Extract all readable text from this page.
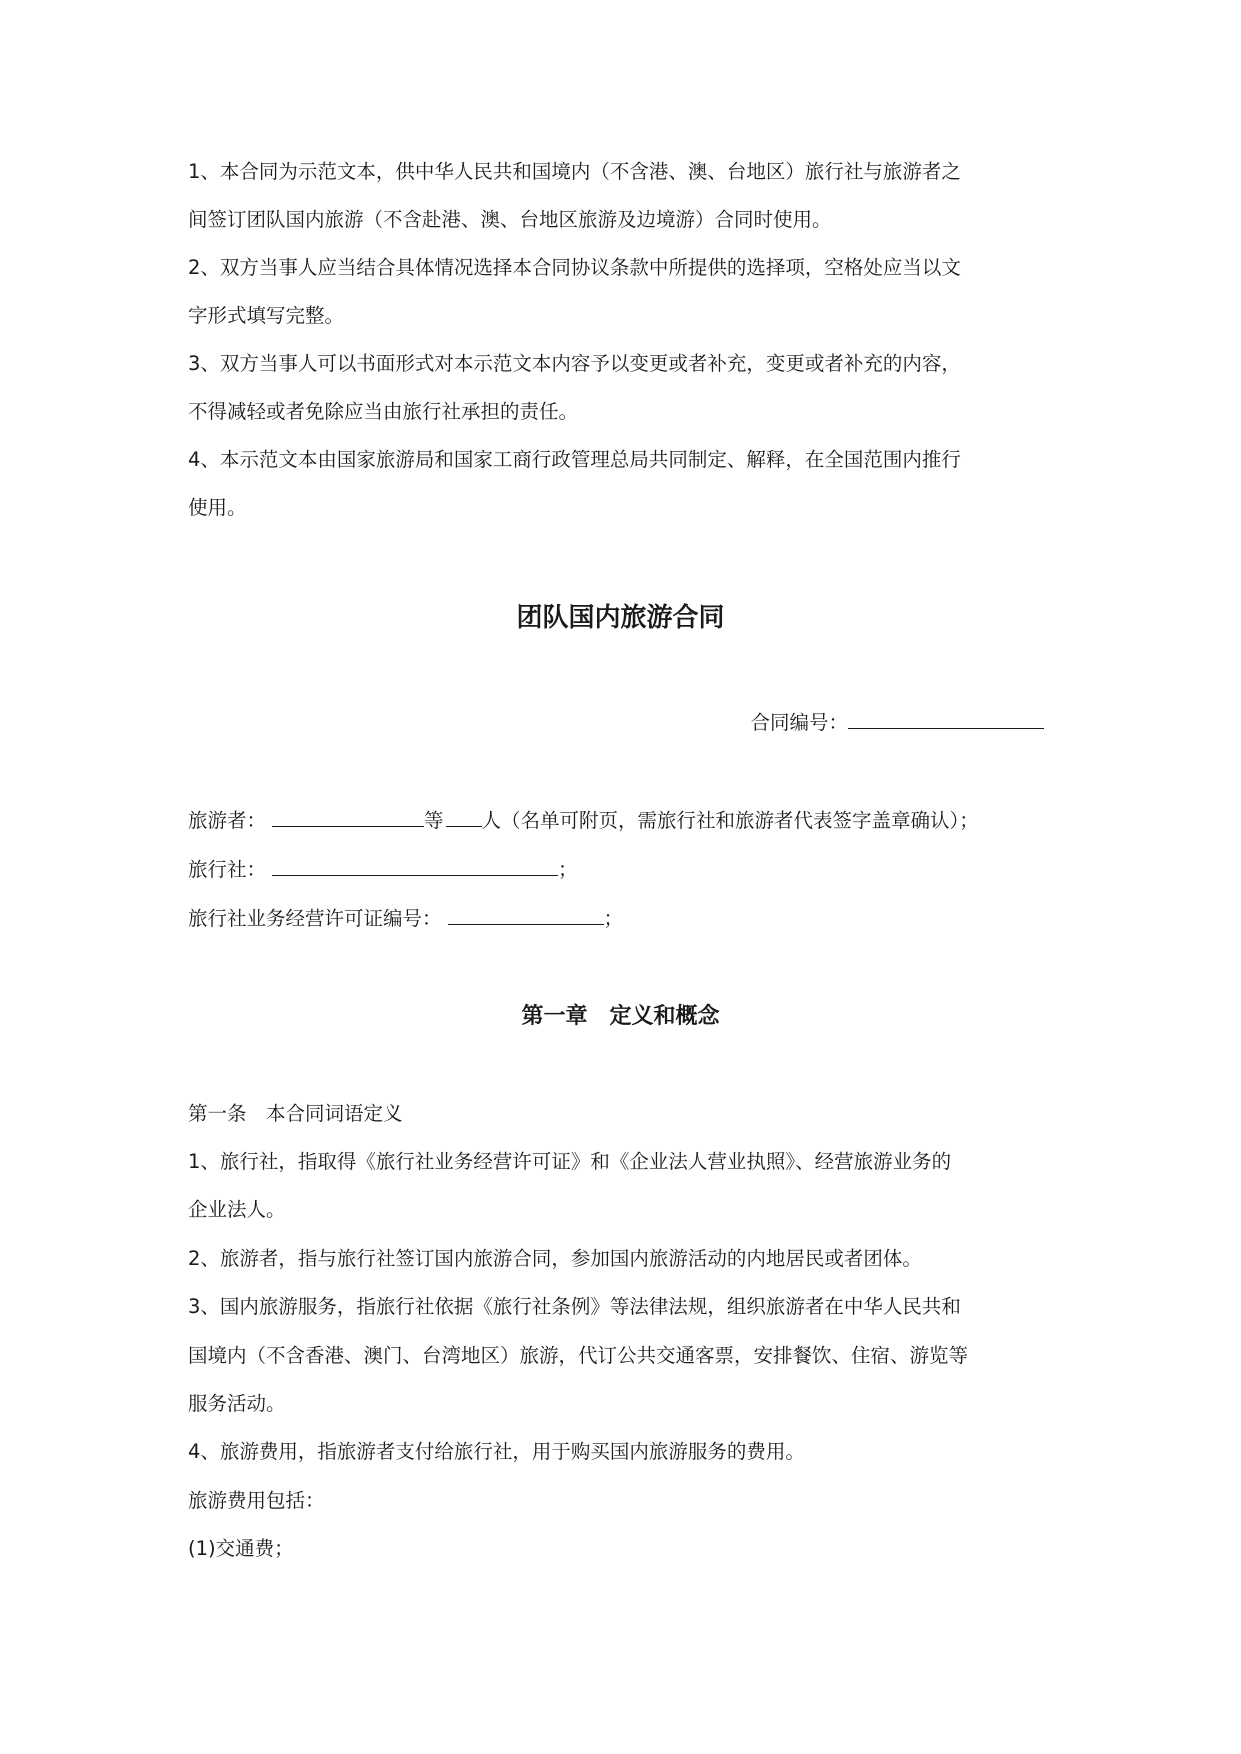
1、本合同为示范文本，供中华人民共和国境内（不含港、澳、台地区）旅行社与旅游者之
间签订团队国内旅游（不含赴港、澳、台地区旅游及边境游）合同时使用。
2、双方当事人应当结合具体情况选择本合同协议条款中所提供的选择项，空格处应当以文
字形式填写完整。
3、双方当事人可以书面形式对本示范文本内容予以变更或者补充，变更或者补充的内容，
不得减轻或者免除应当由旅行社承担的责任。
4、本示范文本由国家旅游局和国家工商行政管理总局共同制定、解释，在全国范围内推行
使用。
团队国内旅游合同
合同编号：
旅游者：	等 人（名单可附页，需旅行社和旅游者代表签字盖章确认）；
旅行社：	；
旅行社业务经营许可证编号：	；
第一章　定义和概念
第一条　本合同词语定义
1、旅行社，指取得《旅行社业务经营许可证》和《企业法人营业执照》、经营旅游业务的
企业法人。
2、旅游者，指与旅行社签订国内旅游合同，参加国内旅游活动的内地居民或者团体。
3、国内旅游服务，指旅行社依据《旅行社条例》等法律法规，组织旅游者在中华人民共和
国境内（不含香港、澳门、台湾地区）旅游，代订公共交通客票，安排餐饮、住宿、游览等
服务活动。
4、旅游费用，指旅游者支付给旅行社，用于购买国内旅游服务的费用。
旅游费用包括：
(1)交通费；
